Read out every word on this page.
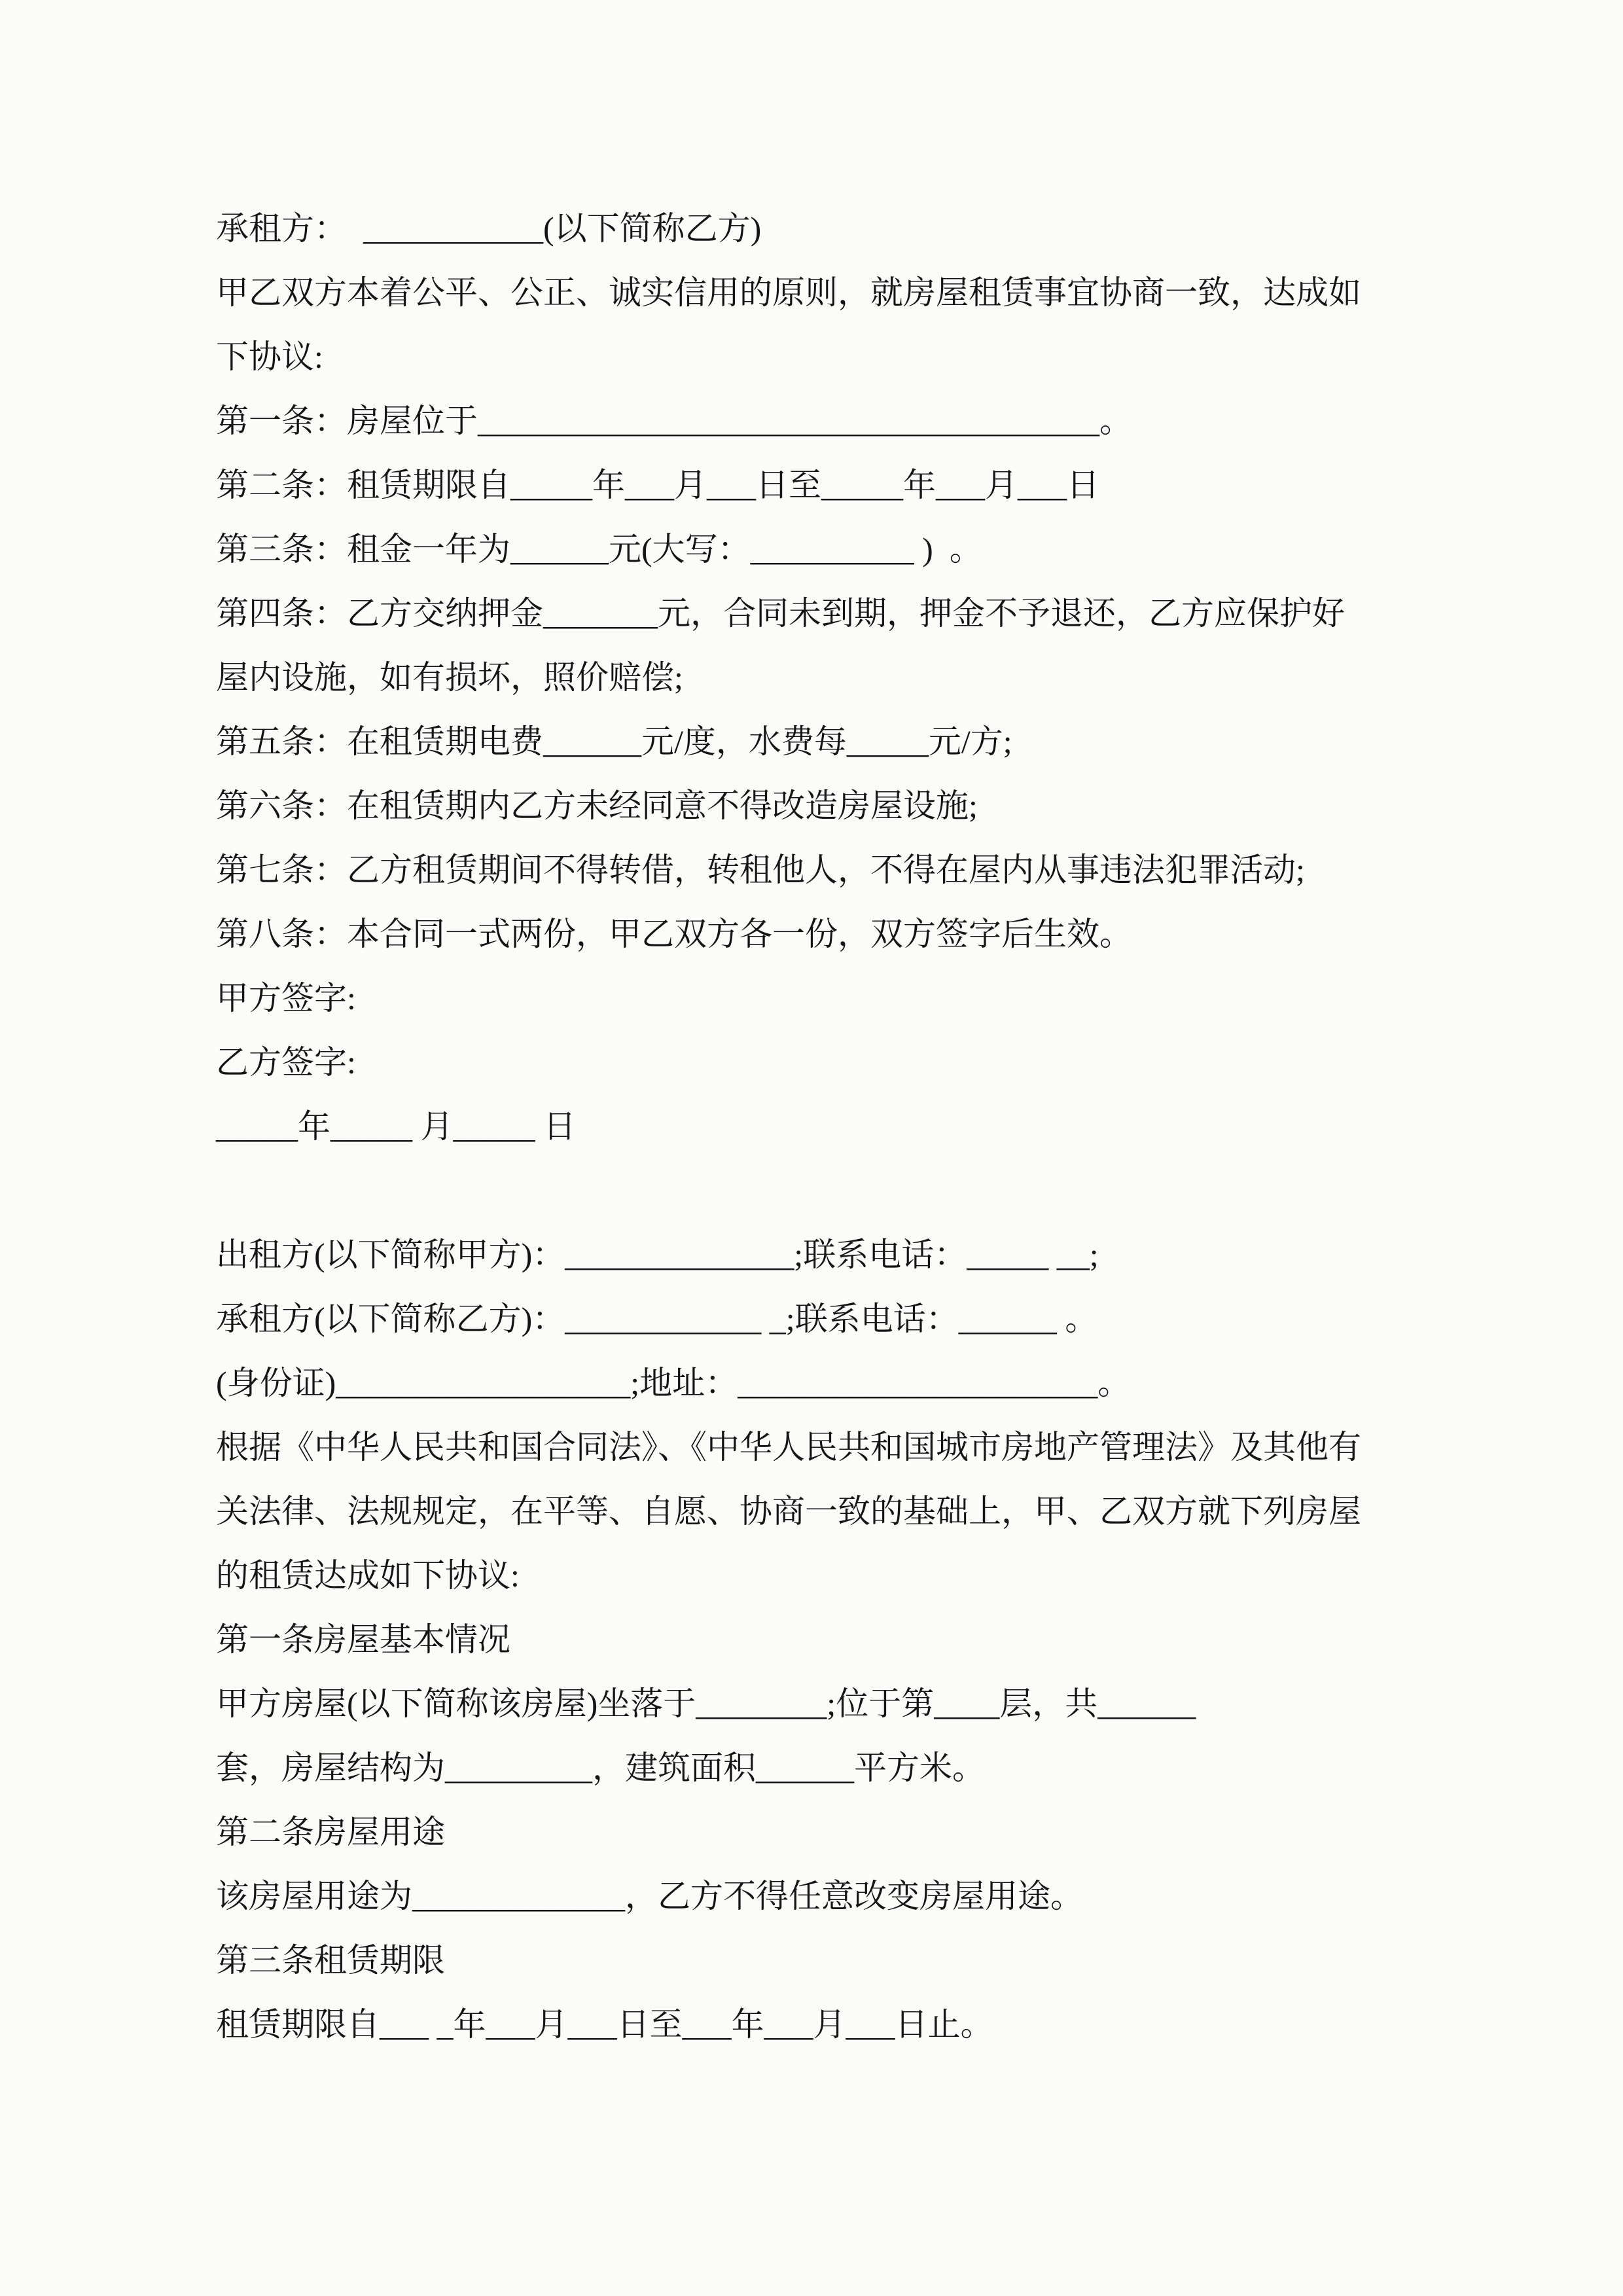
承租方：  ___________(以下简称乙方)
甲乙双方本着公平、公正、诚实信用的原则，就房屋租赁事宜协商一致，达成如
下协议:
第一条：房屋位于______________________________________。
第二条：租赁期限自_____年___月___日至_____年___月___日
第三条：租金一年为______元(大写：__________ )  。
第四条：乙方交纳押金_______元，合同未到期，押金不予退还，乙方应保护好
屋内设施，如有损坏，照价赔偿;
第五条：在租赁期电费______元/度，水费每_____元/方;
第六条：在租赁期内乙方未经同意不得改造房屋设施;
第七条：乙方租赁期间不得转借，转租他人，不得在屋内从事违法犯罪活动;
第八条：本合同一式两份，甲乙双方各一份，双方签字后生效。
甲方签字:
乙方签字:
_____年_____ 月_____ 日

出租方(以下简称甲方)：______________;联系电话：_____ __;
承租方(以下简称乙方)：____________ _;联系电话：______ 。
(身份证)__________________;地址：______________________。
根据《中华人民共和国合同法》、《中华人民共和国城市房地产管理法》及其他有
关法律、法规规定，在平等、自愿、协商一致的基础上，甲、乙双方就下列房屋
的租赁达成如下协议:
第一条房屋基本情况
甲方房屋(以下简称该房屋)坐落于________;位于第____层，共______
套，房屋结构为_________，建筑面积______平方米。
第二条房屋用途
该房屋用途为_____________，乙方不得任意改变房屋用途。
第三条租赁期限
租赁期限自___ _年___月___日至___年___月___日止。
